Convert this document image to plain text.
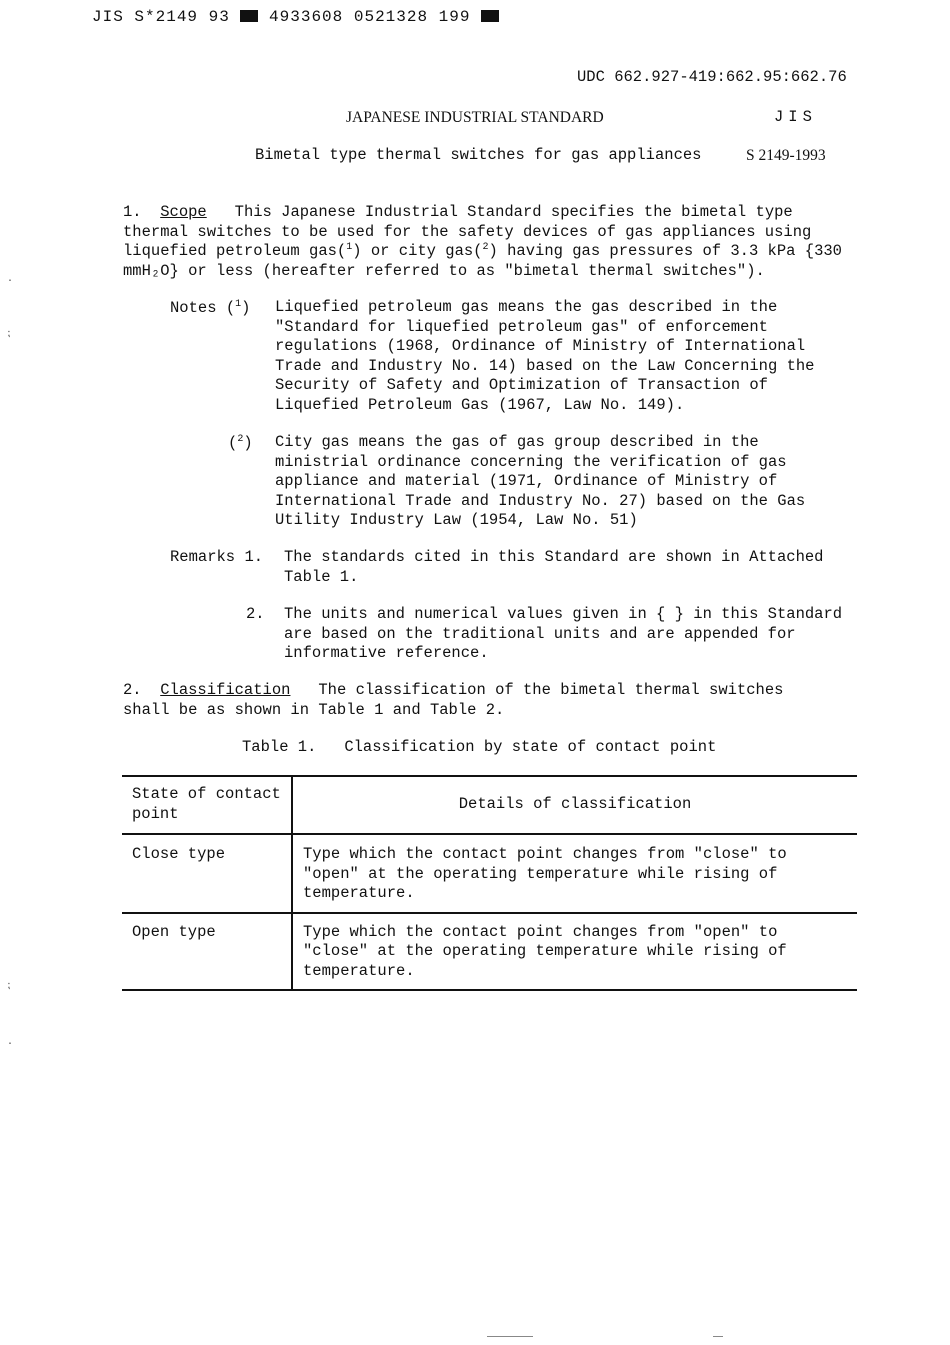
JIS S*2149 93 4933608 0521328 199
UDC 662.927-419:662.95:662.76
JAPANESE INDUSTRIAL STANDARD	JIS
Bimetal type thermal switches for gas appliances	S 2149-1993
1. Scope This Japanese Industrial Standard specifies the bimetal type thermal switches to be used for the safety devices of gas appliances using liquefied petroleum gas($^1$) or city gas($^2$) having gas pressures of 3.3 kPa {330 mmH₂O} or less (hereafter referred to as "bimetal thermal switches").
Notes ($^1$) Liquefied petroleum gas means the gas described in the "Standard for liquefied petroleum gas" of enforcement regulations (1968, Ordinance of Ministry of International Trade and Industry No. 14) based on the Law Concerning the Security of Safety and Optimization of Transaction of Liquefied Petroleum Gas (1967, Law No. 149).
($^2$) City gas means the gas of gas group described in the ministrial ordinance concerning the verification of gas appliance and material (1971, Ordinance of Ministry of International Trade and Industry No. 27) based on the Gas Utility Industry Law (1954, Law No. 51)
Remarks 1. The standards cited in this Standard are shown in Attached Table 1.
2. The units and numerical values given in { } in this Standard are based on the traditional units and are appended for informative reference.
2. Classification The classification of the bimetal thermal switches shall be as shown in Table 1 and Table 2.
Table 1.   Classification by state of contact point
State of contact point	Details of classification
Close type	Type which the contact point changes from "close" to "open" at the operating temperature while rising of temperature.
Open type	Type which the contact point changes from "open" to "close" at the operating temperature while rising of temperature.
·
⁏
⁏
·
